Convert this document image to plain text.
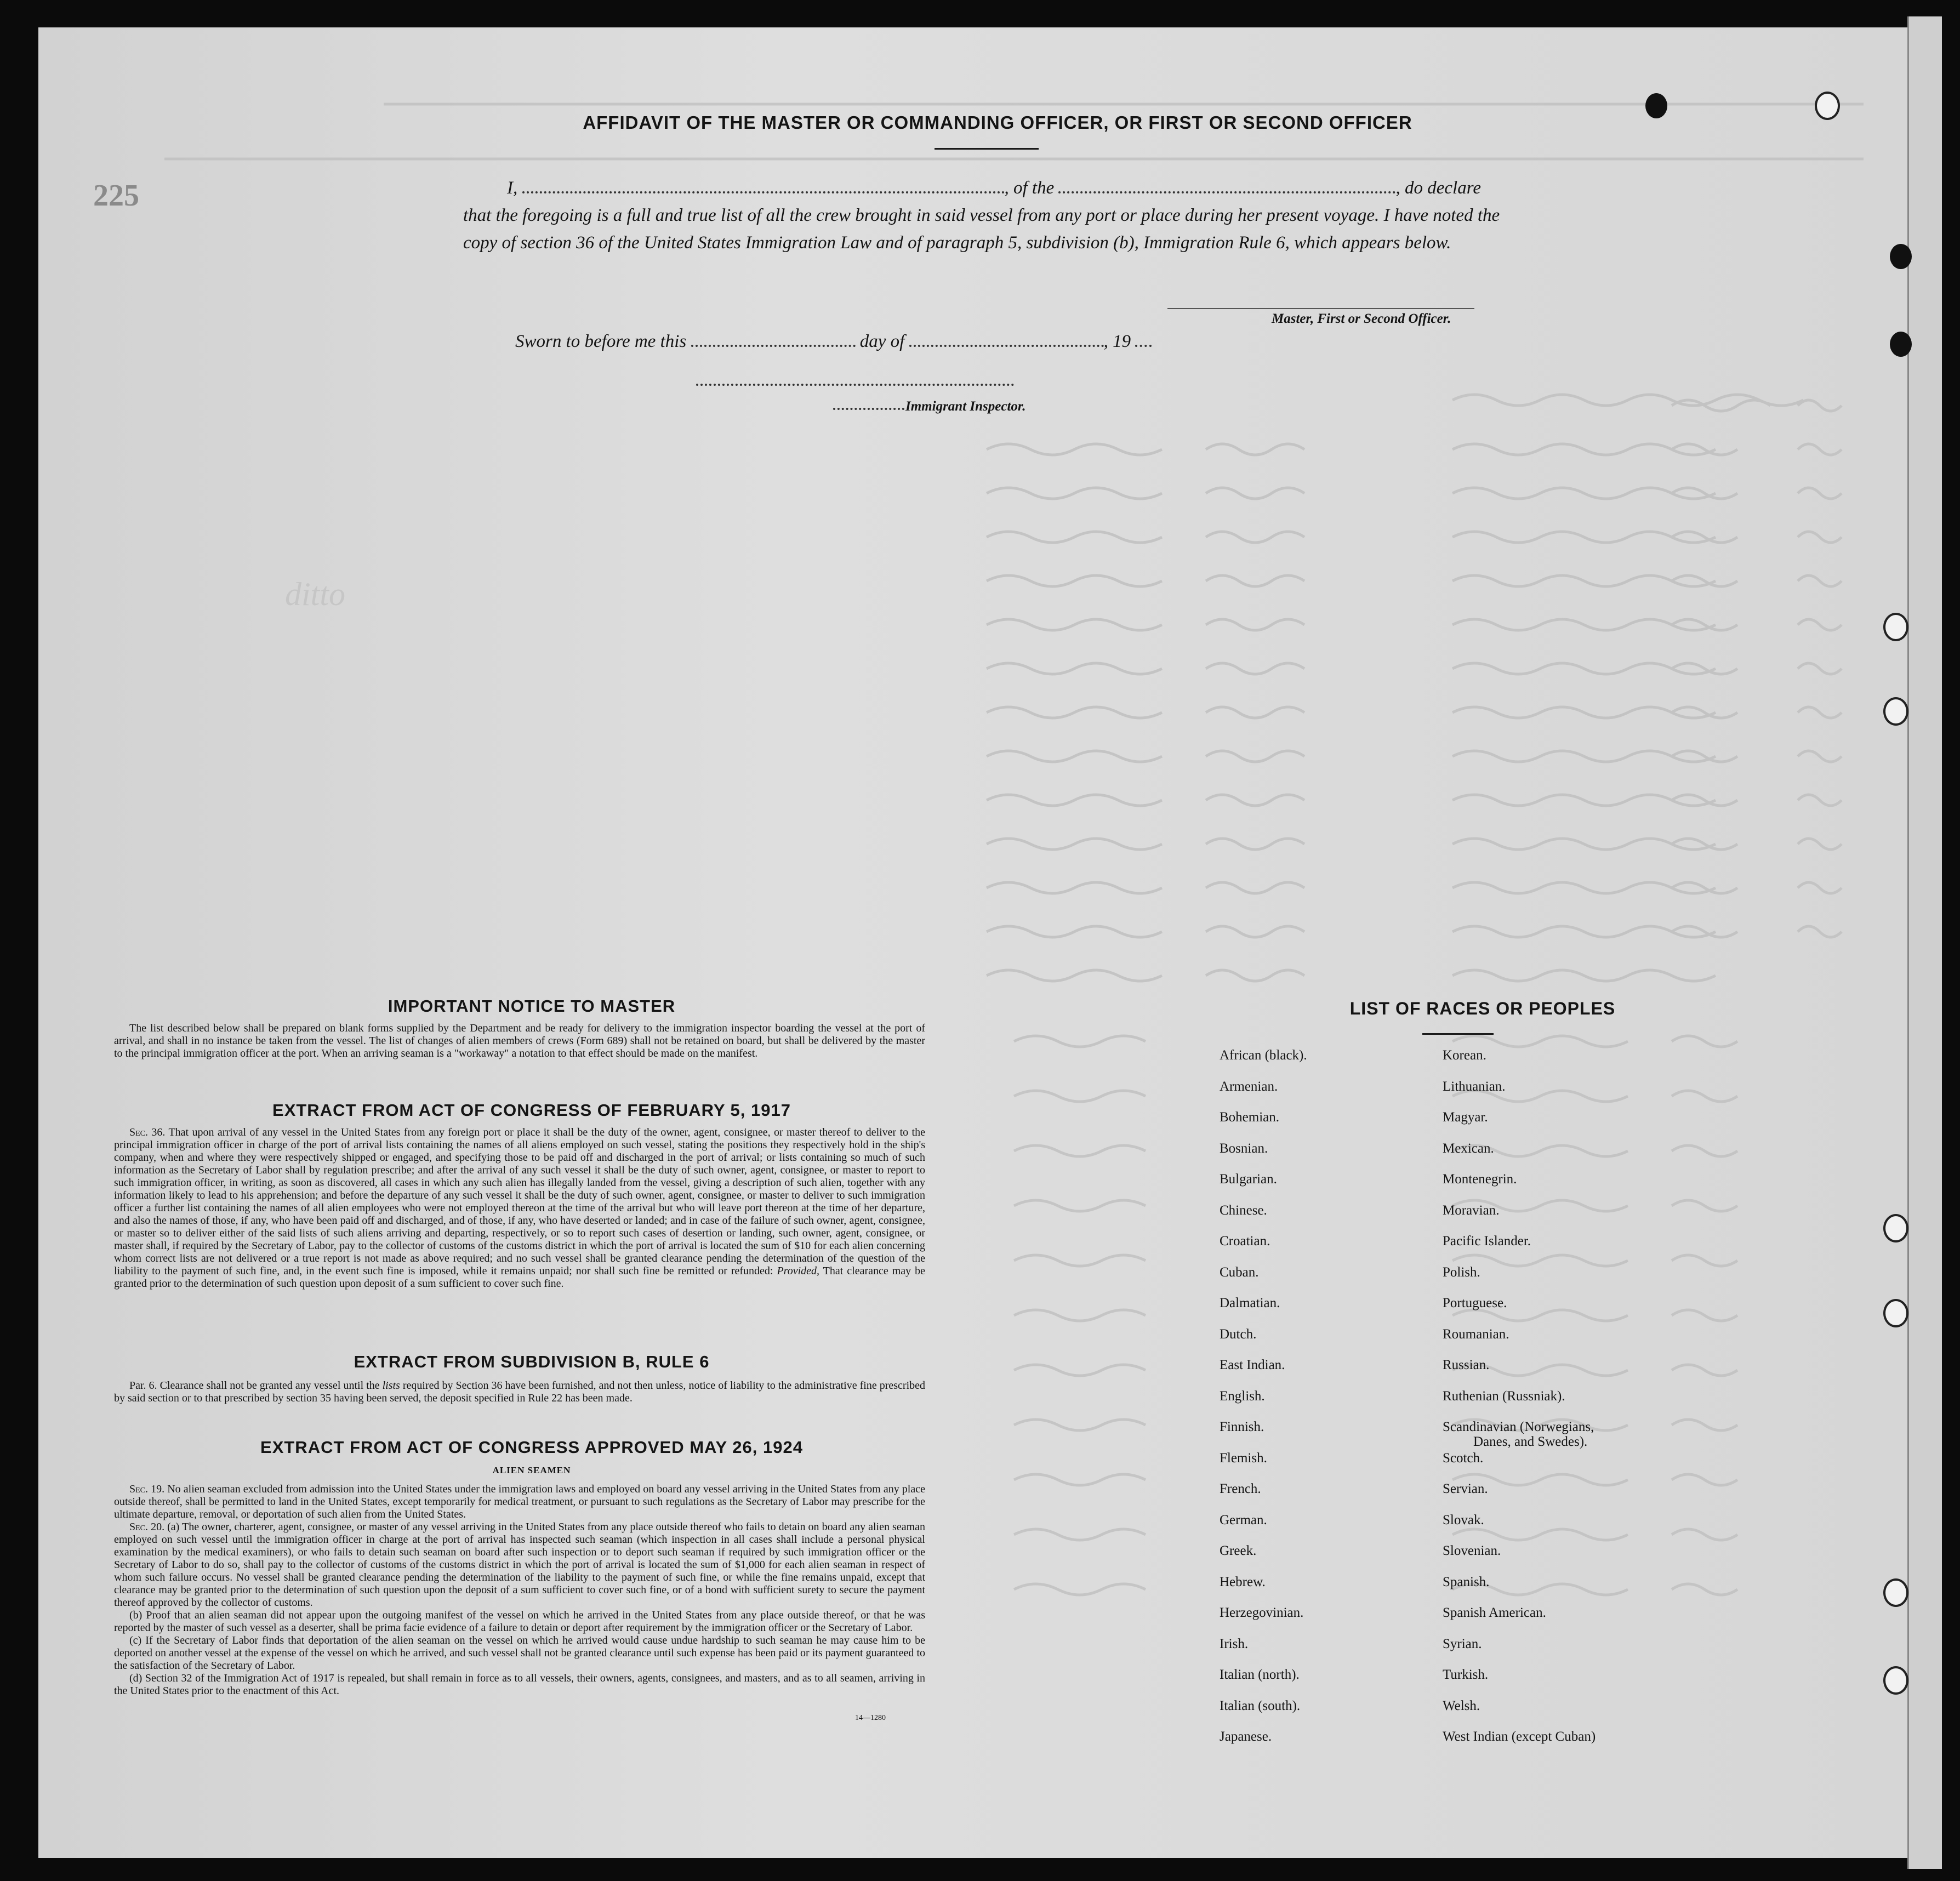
ditto
225
AFFIDAVIT OF THE MASTER OR COMMANDING OFFICER, OR FIRST OR SECOND OFFICER
I,	, of the	, do declare
that the foregoing is a full and true list of all the crew brought in said vessel from any port or place during her present voyage. I have noted the copy of section 36 of the United States Immigration Law and of paragraph 5, subdivision (b), Immigration Rule 6, which appears below.
Master, First or Second Officer.
Sworn to before me this	day of	, 19
Immigrant Inspector.
IMPORTANT NOTICE TO MASTER
The list described below shall be prepared on blank forms supplied by the Department and be ready for delivery to the immigration inspector boarding the vessel at the port of arrival, and shall in no instance be taken from the vessel. The list of changes of alien members of crews (Form 689) shall not be retained on board, but shall be delivered by the master to the principal immigration officer at the port. When an arriving seaman is a "workaway" a notation to that effect should be made on the manifest.
EXTRACT FROM ACT OF CONGRESS OF FEBRUARY 5, 1917
Sec. 36. That upon arrival of any vessel in the United States from any foreign port or place it shall be the duty of the owner, agent, consignee, or master thereof to deliver to the principal immigration officer in charge of the port of arrival lists containing the names of all aliens employed on such vessel, stating the positions they respectively hold in the ship's company, when and where they were respectively shipped or engaged, and specifying those to be paid off and discharged in the port of arrival; or lists containing so much of such information as the Secretary of Labor shall by regulation prescribe; and after the arrival of any such vessel it shall be the duty of such owner, agent, consignee, or master to report to such immigration officer, in writing, as soon as discovered, all cases in which any such alien has illegally landed from the vessel, giving a description of such alien, together with any information likely to lead to his apprehension; and before the departure of any such vessel it shall be the duty of such owner, agent, consignee, or master to deliver to such immigration officer a further list containing the names of all alien employees who were not employed thereon at the time of the arrival but who will leave port thereon at the time of her departure, and also the names of those, if any, who have been paid off and discharged, and of those, if any, who have deserted or landed; and in case of the failure of such owner, agent, consignee, or master so to deliver either of the said lists of such aliens arriving and departing, respectively, or so to report such cases of desertion or landing, such owner, agent, consignee, or master shall, if required by the Secretary of Labor, pay to the collector of customs of the customs district in which the port of arrival is located the sum of $10 for each alien concerning whom correct lists are not delivered or a true report is not made as above required; and no such vessel shall be granted clearance pending the determination of the question of the liability to the payment of such fine, and, in the event such fine is imposed, while it remains unpaid; nor shall such fine be remitted or refunded: Provided, That clearance may be granted prior to the determination of such question upon deposit of a sum sufficient to cover such fine.
EXTRACT FROM SUBDIVISION B, RULE 6
Par. 6. Clearance shall not be granted any vessel until the lists required by Section 36 have been furnished, and not then unless, notice of liability to the administrative fine prescribed by said section or to that prescribed by section 35 having been served, the deposit specified in Rule 22 has been made.
EXTRACT FROM ACT OF CONGRESS APPROVED MAY 26, 1924
ALIEN SEAMEN
Sec. 19. No alien seaman excluded from admission into the United States under the immigration laws and employed on board any vessel arriving in the United States from any place outside thereof, shall be permitted to land in the United States, except temporarily for medical treatment, or pursuant to such regulations as the Secretary of Labor may prescribe for the ultimate departure, removal, or deportation of such alien from the United States.
Sec. 20. (a) The owner, charterer, agent, consignee, or master of any vessel arriving in the United States from any place outside thereof who fails to detain on board any alien seaman employed on such vessel until the immigration officer in charge at the port of arrival has inspected such seaman (which inspection in all cases shall include a personal physical examination by the medical examiners), or who fails to detain such seaman on board after such inspection or to deport such seaman if required by such immigration officer or the Secretary of Labor to do so, shall pay to the collector of customs of the customs district in which the port of arrival is located the sum of $1,000 for each alien seaman in respect of whom such failure occurs. No vessel shall be granted clearance pending the determination of the liability to the payment of such fine, or while the fine remains unpaid, except that clearance may be granted prior to the determination of such question upon the deposit of a sum sufficient to cover such fine, or of a bond with sufficient surety to secure the payment thereof approved by the collector of customs.
(b) Proof that an alien seaman did not appear upon the outgoing manifest of the vessel on which he arrived in the United States from any place outside thereof, or that he was reported by the master of such vessel as a deserter, shall be prima facie evidence of a failure to detain or deport after requirement by the immigration officer or the Secretary of Labor.
(c) If the Secretary of Labor finds that deportation of the alien seaman on the vessel on which he arrived would cause undue hardship to such seaman he may cause him to be deported on another vessel at the expense of the vessel on which he arrived, and such vessel shall not be granted clearance until such expense has been paid or its payment guaranteed to the satisfaction of the Secretary of Labor.
(d) Section 32 of the Immigration Act of 1917 is repealed, but shall remain in force as to all vessels, their owners, agents, consignees, and masters, and as to all seamen, arriving in the United States prior to the enactment of this Act.
14—1280
LIST OF RACES OR PEOPLES
African (black).
Armenian.
Bohemian.
Bosnian.
Bulgarian.
Chinese.
Croatian.
Cuban.
Dalmatian.
Dutch.
East Indian.
English.
Finnish.
Flemish.
French.
German.
Greek.
Hebrew.
Herzegovinian.
Irish.
Italian (north).
Italian (south).
Japanese.
Korean.
Lithuanian.
Magyar.
Mexican.
Montenegrin.
Moravian.
Pacific Islander.
Polish.
Portuguese.
Roumanian.
Russian.
Ruthenian (Russniak).
Scandinavian (Norwegians,
Danes, and Swedes).
Scotch.
Servian.
Slovak.
Slovenian.
Spanish.
Spanish American.
Syrian.
Turkish.
Welsh.
West Indian (except Cuban)
